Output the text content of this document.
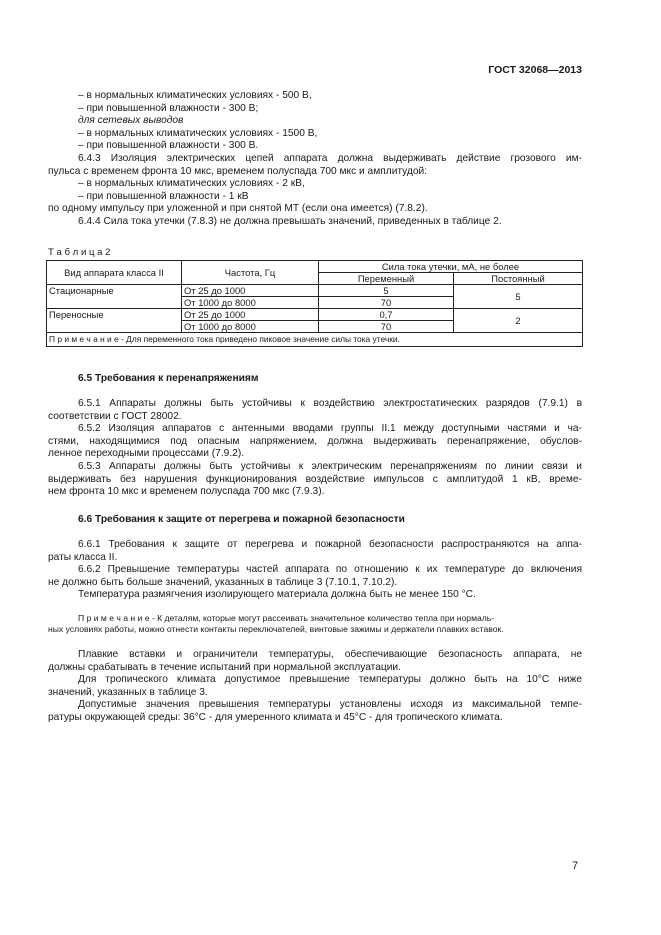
ГОСТ 32068—2013
– в нормальных климатических условиях - 500 В,
– при повышенной влажности - 300 В;
для сетевых выводов
– в нормальных климатических условиях - 1500 В,
– при повышенной влажности - 300 В.
6.4.3 Изоляция электрических цепей аппарата должна выдерживать действие грозового им-
пульса с временем фронта 10 мкс, временем полуспада 700 мкс и амплитудой:
– в нормальных климатических условиях - 2 кВ,
– при повышенной влажности - 1 кВ
по одному импульсу при уложенной и при снятой МТ (если она имеется) (7.8.2).
6.4.4 Сила тока утечки (7.8.3) не должна превышать значений, приведенных в таблице 2.
Т а б л и ц а 2
Вид аппарата класса II	Частота, Гц	Сила тока утечки, мА, не более	
		Переменный	Постоянный
Стационарные	От 25 до 1000	5	5
	От 1000 до 8000	70	
Переносные	От 25 до 1000	0,7	2
	От 1000 до 8000	70	
П р и м е ч а н и е - Для переменного тока приведено пиковое значение силы тока утечки.			
6.5 Требования к перенапряжениям
6.5.1 Аппараты должны быть устойчивы к воздействию электростатических разрядов (7.9.1) в
соответствии с ГОСТ 28002.
6.5.2 Изоляция аппаратов с антенными вводами группы II.1 между доступными частями и ча-
стями, находящимися под опасным напряжением, должна выдерживать перенапряжение, обуслов-
ленное переходными процессами (7.9.2).
6.5.3 Аппараты должны быть устойчивы к электрическим перенапряжениям по линии связи и
выдерживать без нарушения функционирования воздействие импульсов с амплитудой 1 кВ, време-
нем фронта 10 мкс и временем полуспада 700 мкс (7.9.3).
6.6 Требования к защите от перегрева и пожарной безопасности
6.6.1 Требования к защите от перегрева и пожарной безопасности распространяются на аппа-
раты класса II.
6.6.2 Превышение температуры частей аппарата по отношению к их температуре до включения
не должно быть больше значений, указанных в таблице 3 (7.10.1, 7.10.2).
Температура размягчения изолирующего материала должна быть не менее 150 °С.
П р и м е ч а н и е - К деталям, которые могут рассеивать значительное количество тепла при нормаль-
ных условиях работы, можно отнести контакты переключателей, винтовые зажимы и держатели плавких вставок.
Плавкие вставки и ограничители температуры, обеспечивающие безопасность аппарата, не
должны срабатывать в течение испытаний при нормальной эксплуатации.
Для тропического климата допустимое превышение температуры должно быть на 10°С ниже
значений, указанных в таблице 3.
Допустимые значения превышения температуры установлены исходя из максимальной темпе-
ратуры окружающей среды: 36°С - для умеренного климата и 45°С - для тропического климата.
7
